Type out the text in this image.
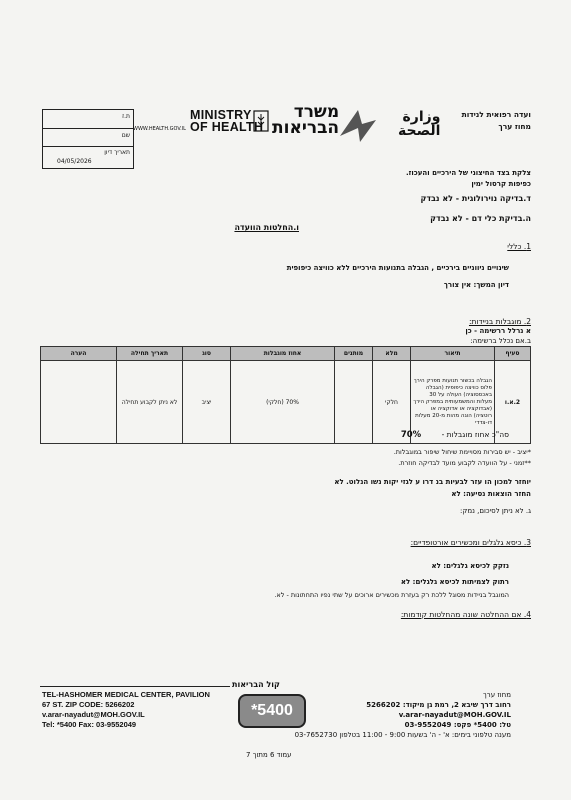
ת.ז
שם
תאריך דיון
04/05/2026
WWW.HEALTH.GOV.IL
MINISTRY
OF HEALTH
משרד
הבריאות
وزارة
الصحة
ועדה רפואית לנידות
מחוז ערך
צלקת בצד החיצוני של הירכיים והעכוז.
כפיפות קרסול ימין
ד.בדיקה נוירולוגית - לא נבדק
ה.בדיקת כלי דם - לא נבדק
ו.החלטות הוועדה
1. כללי
שינויים ניווניים בירכיים , הגבלה בתנועות הירכיים ללא כוויצה כיפופית
דיון המשך: אין צורך
2. מוגבלות בניידות:
א נרלל ררשימה - כן
ב.אם נכלל ברשימה:
סעיף	תיאור	מלא	מותנים	אחוז מוגבלות	סוג	תאריך תחילה	הערה
2.א.ו	הגבלה בכשור תנועות מפרק הירך פלוס כוויצה כיפופית (הגבלה באכססוציה) העולה על 30 מעלות והמשמעותית במפרק הירך (אבדוקציה או אדוקציה או רוטציה) הוגה מהות מ-20 מעלות דו-צדדי	חלקי		70% (חלקי)	יציב	לא ניתן לקבוע תחילה	
סה"כ אחוז מוגבלות - 70%
*יציב - יש סבירות מסויימת שיחול שיפור במוגבלות.
**זמני - על הוועדה לקבוע מועד לבדיקה חוזרת.
יוחזר למכון הו עזר לבעיות בנ דרו ע לגזי יקות נשו הנלוט. לא
החזר הוצאות נסיעה: לא
ג. לא ניתן לסיכום, נמק:
3. כיסא גלגלים ומכשירים אורטופדיים:
נזקק לכיסא גלגלים: לא
רתוק לצמיתות לכיסא גלגלים: לא
המוגבל בניידות מסוגל ללכת רק בעזרת מכשירים ארוכים על שתי נפיו התחתונות - לא.
4. אם ההחלטה שונה מהחלטות קודמות:
TEL-HASHOMER MEDICAL CENTER, PAVILION
67 ST. ZIP CODE: 5266202
v.arar-nayadut@MOH.GOV.IL
Tel: *5400 Fax: 03-9552049
קול הבריאות
*5400
מחוז ערך
רחוב דרך שיבא 2, רמת גן מיקוד: 5266202
v.arar-nayadut@MOH.GOV.IL
טל: 5400* פקס: 03-9552049
מענה טלפוני בימים: א' - ה' בשעות 9:00 - 11:00 בטלפון 03-7652730
עמוד 6 מתוך 7
